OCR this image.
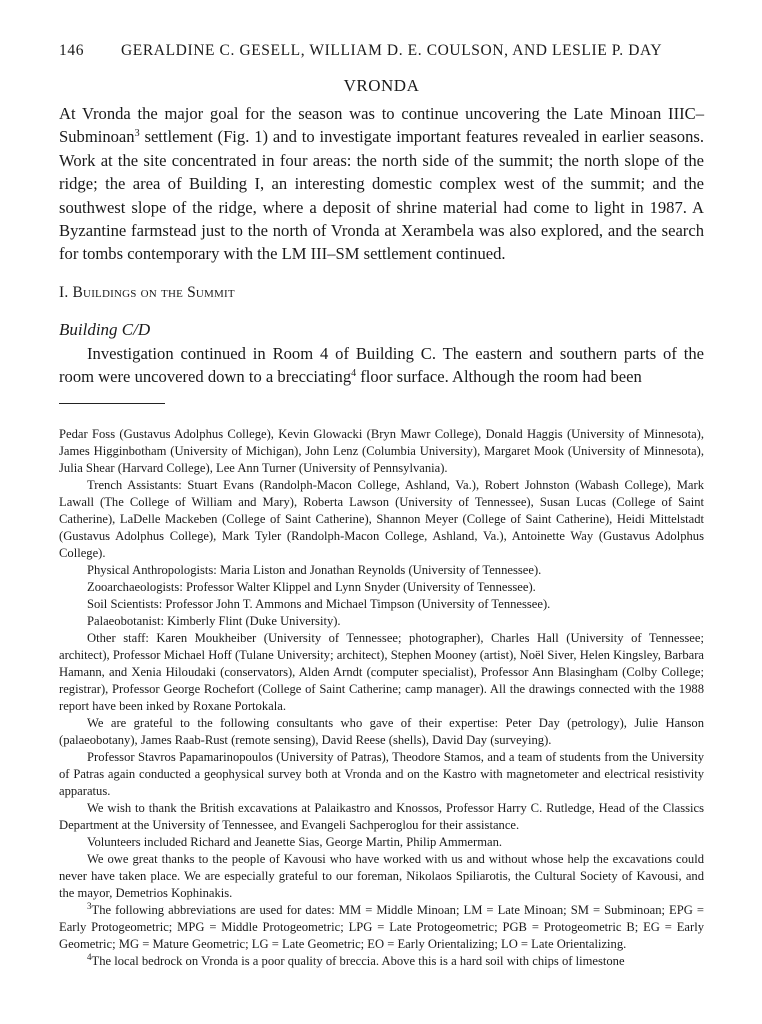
146 GERALDINE C. GESELL, WILLIAM D. E. COULSON, AND LESLIE P. DAY
VRONDA

At Vronda the major goal for the season was to continue uncovering the Late Minoan IIIC–Subminoan$^3$ settlement (Fig. 1) and to investigate important features revealed in earlier seasons. Work at the site concentrated in four areas: the north side of the summit; the north slope of the ridge; the area of Building I, an interesting domestic complex west of the summit; and the southwest slope of the ridge, where a deposit of shrine material had come to light in 1987. A Byzantine farmstead just to the north of Vronda at Xerambela was also explored, and the search for tombs contemporary with the LM III–SM settlement continued.

I. Buildings on the Summit
Building C/D

Investigation continued in Room 4 of Building C. The eastern and southern parts of the room were uncovered down to a brecciating$^4$ floor surface. Although the room had been

Pedar Foss (Gustavus Adolphus College), Kevin Glowacki (Bryn Mawr College), Donald Haggis (University of Minnesota), James Higginbotham (University of Michigan), John Lenz (Columbia University), Margaret Mook (University of Minnesota), Julia Shear (Harvard College), Lee Ann Turner (University of Pennsylvania).

Trench Assistants: Stuart Evans (Randolph-Macon College, Ashland, Va.), Robert Johnston (Wabash College), Mark Lawall (The College of William and Mary), Roberta Lawson (University of Tennessee), Susan Lucas (College of Saint Catherine), LaDelle Mackeben (College of Saint Catherine), Shannon Meyer (College of Saint Catherine), Heidi Mittelstadt (Gustavus Adolphus College), Mark Tyler (Randolph-Macon College, Ashland, Va.), Antoinette Way (Gustavus Adolphus College).

Physical Anthropologists: Maria Liston and Jonathan Reynolds (University of Tennessee).

Zooarchaeologists: Professor Walter Klippel and Lynn Snyder (University of Tennessee).

Soil Scientists: Professor John T. Ammons and Michael Timpson (University of Tennessee).

Palaeobotanist: Kimberly Flint (Duke University).

Other staff: Karen Moukheiber (University of Tennessee; photographer), Charles Hall (University of Tennessee; architect), Professor Michael Hoff (Tulane University; architect), Stephen Mooney (artist), Noël Siver, Helen Kingsley, Barbara Hamann, and Xenia Hiloudaki (conservators), Alden Arndt (computer specialist), Professor Ann Blasingham (Colby College; registrar), Professor George Rochefort (College of Saint Catherine; camp manager). All the drawings connected with the 1988 report have been inked by Roxane Portokala.

We are grateful to the following consultants who gave of their expertise: Peter Day (petrology), Julie Hanson (palaeobotany), James Raab-Rust (remote sensing), David Reese (shells), David Day (surveying).

Professor Stavros Papamarinopoulos (University of Patras), Theodore Stamos, and a team of students from the University of Patras again conducted a geophysical survey both at Vronda and on the Kastro with magnetometer and electrical resistivity apparatus.

We wish to thank the British excavations at Palaikastro and Knossos, Professor Harry C. Rutledge, Head of the Classics Department at the University of Tennessee, and Evangeli Sachperoglou for their assistance.

Volunteers included Richard and Jeanette Sias, George Martin, Philip Ammerman.

We owe great thanks to the people of Kavousi who have worked with us and without whose help the excavations could never have taken place. We are especially grateful to our foreman, Nikolaos Spiliarotis, the Cultural Society of Kavousi, and the mayor, Demetrios Kophinakis.

$^3$The following abbreviations are used for dates: MM = Middle Minoan; LM = Late Minoan; SM = Subminoan; EPG = Early Protogeometric; MPG = Middle Protogeometric; LPG = Late Protogeometric; PGB = Protogeometric B; EG = Early Geometric; MG = Mature Geometric; LG = Late Geometric; EO = Early Orientalizing; LO = Late Orientalizing.

$^4$The local bedrock on Vronda is a poor quality of breccia. Above this is a hard soil with chips of limestone
